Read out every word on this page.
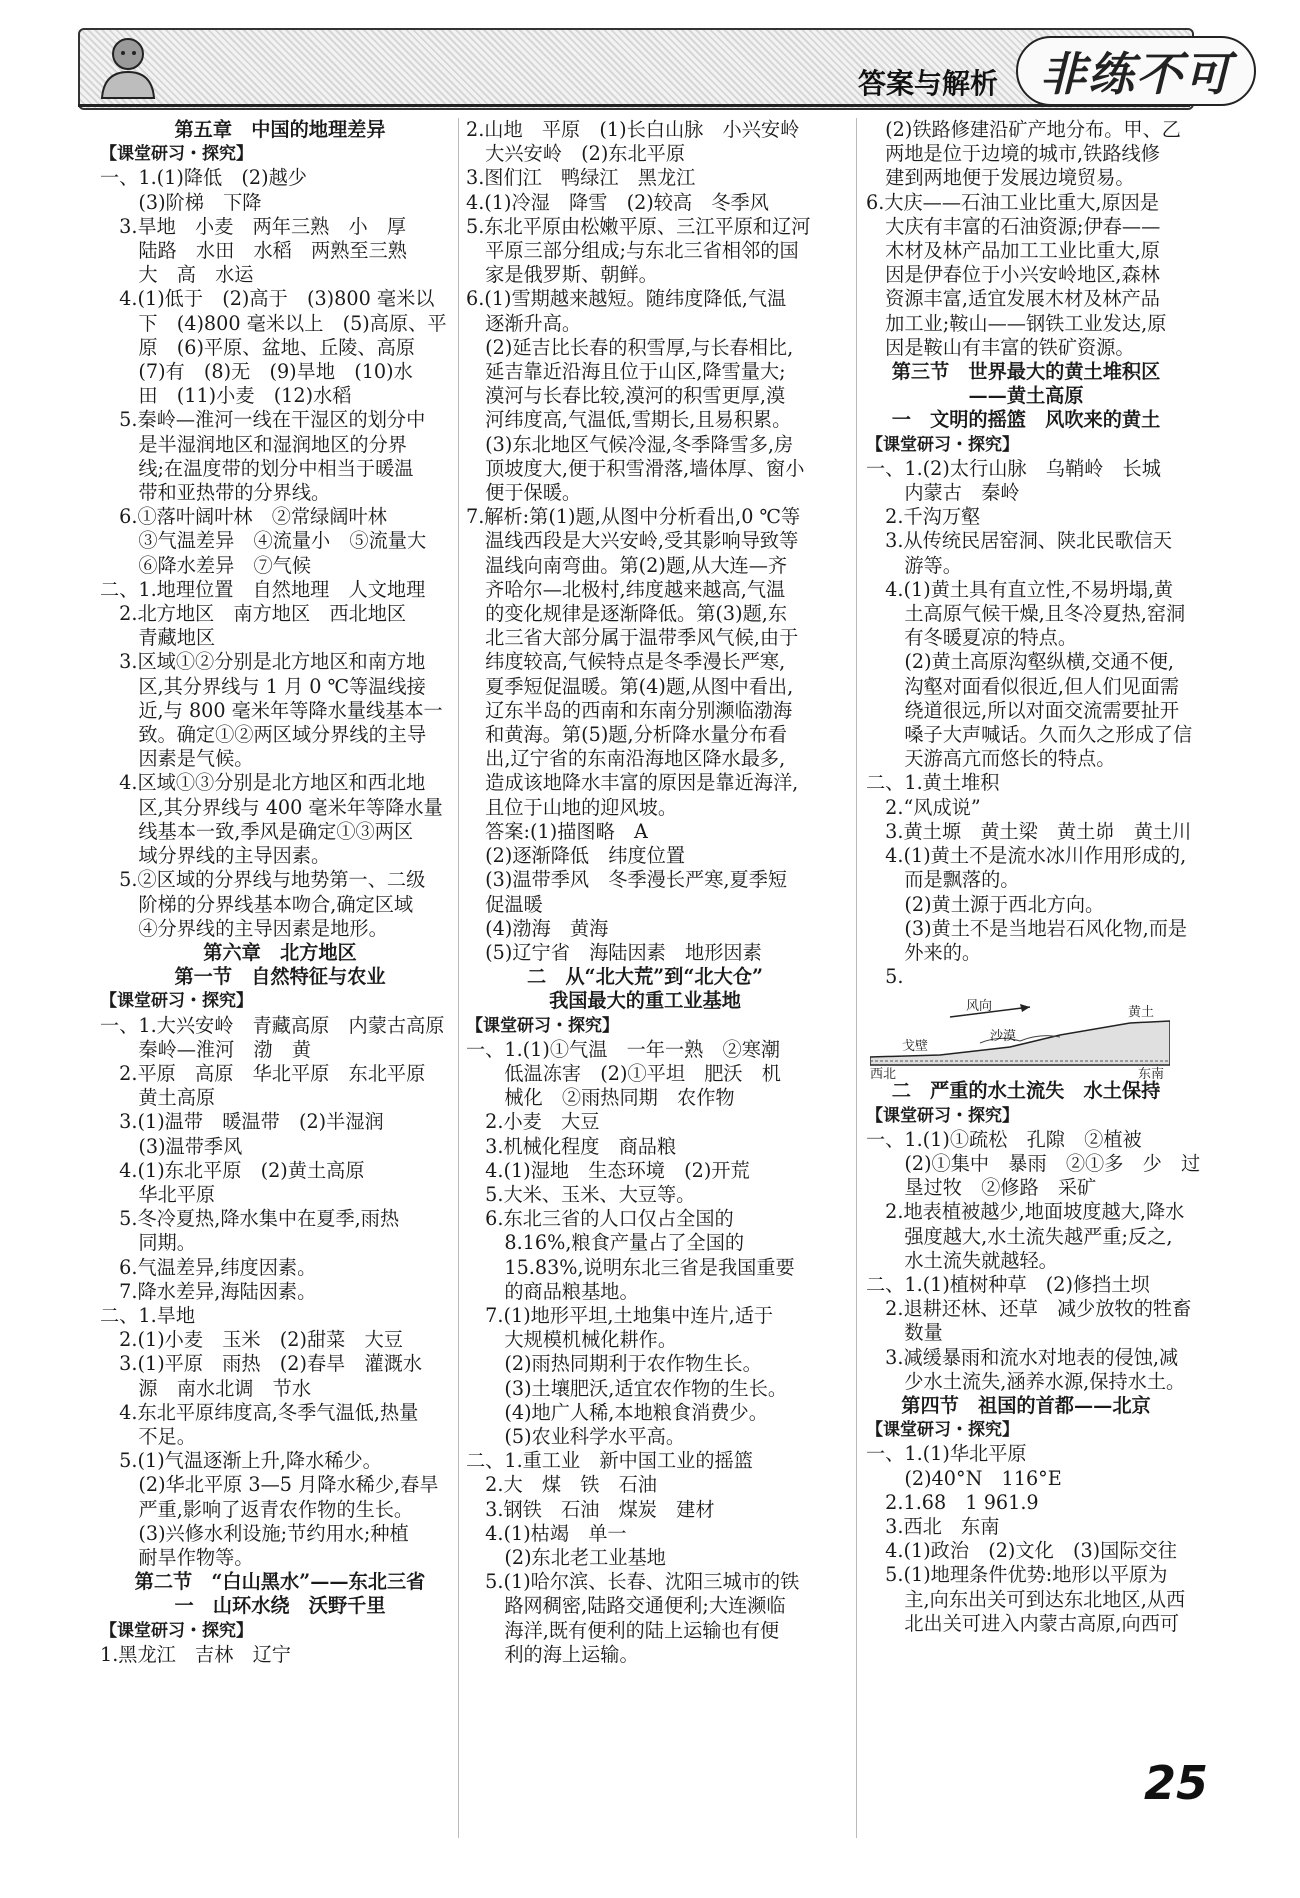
答案与解析 非练不可
第五章　中国的地理差异
【课堂研习・探究】
一、1.(1)降低　(2)越少
　　(3)阶梯　下降
　3.旱地　小麦　两年三熟　小　厚
　　陆路　水田　水稻　两熟至三熟
　　大　高　水运
　4.(1)低于　(2)高于　(3)800 毫米以
　　下　(4)800 毫米以上　(5)高原、平
　　原　(6)平原、盆地、丘陵、高原
　　(7)有　(8)无　(9)旱地　(10)水
　　田　(11)小麦　(12)水稻
　5.秦岭—淮河一线在干湿区的划分中
　　是半湿润地区和湿润地区的分界
　　线;在温度带的划分中相当于暖温
　　带和亚热带的分界线。
　6.①落叶阔叶林　②常绿阔叶林
　　③气温差异　④流量小　⑤流量大
　　⑥降水差异　⑦气候
二、1.地理位置　自然地理　人文地理
　2.北方地区　南方地区　西北地区
　　青藏地区
　3.区域①②分别是北方地区和南方地
　　区,其分界线与 1 月 0 ℃等温线接
　　近,与 800 毫米年等降水量线基本一
　　致。确定①②两区域分界线的主导
　　因素是气候。
　4.区域①③分别是北方地区和西北地
　　区,其分界线与 400 毫米年等降水量
　　线基本一致,季风是确定①③两区
　　域分界线的主导因素。
　5.②区域的分界线与地势第一、二级
　　阶梯的分界线基本吻合,确定区域
　　④分界线的主导因素是地形。
第六章　北方地区
第一节　自然特征与农业
【课堂研习・探究】
一、1.大兴安岭　青藏高原　内蒙古高原
　　秦岭—淮河　渤　黄
　2.平原　高原　华北平原　东北平原
　　黄土高原
　3.(1)温带　暖温带　(2)半湿润
　　(3)温带季风
　4.(1)东北平原　(2)黄土高原
　　华北平原
　5.冬冷夏热,降水集中在夏季,雨热
　　同期。
　6.气温差异,纬度因素。
　7.降水差异,海陆因素。
二、1.旱地
　2.(1)小麦　玉米　(2)甜菜　大豆
　3.(1)平原　雨热　(2)春旱　灌溉水
　　源　南水北调　节水
　4.东北平原纬度高,冬季气温低,热量
　　不足。
　5.(1)气温逐渐上升,降水稀少。
　　(2)华北平原 3—5 月降水稀少,春旱
　　严重,影响了返青农作物的生长。
　　(3)兴修水利设施;节约用水;种植
　　耐旱作物等。
第二节　“白山黑水”——东北三省
一　山环水绕　沃野千里
【课堂研习・探究】
1.黑龙江　吉林　辽宁
2.山地　平原　(1)长白山脉　小兴安岭
　大兴安岭　(2)东北平原
3.图们江　鸭绿江　黑龙江
4.(1)冷湿　降雪　(2)较高　冬季风
5.东北平原由松嫩平原、三江平原和辽河
　平原三部分组成;与东北三省相邻的国
　家是俄罗斯、朝鲜。
6.(1)雪期越来越短。随纬度降低,气温
　逐渐升高。
　(2)延吉比长春的积雪厚,与长春相比,
　延吉靠近沿海且位于山区,降雪量大;
　漠河与长春比较,漠河的积雪更厚,漠
　河纬度高,气温低,雪期长,且易积累。
　(3)东北地区气候冷湿,冬季降雪多,房
　顶坡度大,便于积雪滑落,墙体厚、窗小
　便于保暖。
7.解析:第(1)题,从图中分析看出,0 ℃等
　温线西段是大兴安岭,受其影响导致等
　温线向南弯曲。第(2)题,从大连—齐
　齐哈尔—北极村,纬度越来越高,气温
　的变化规律是逐渐降低。第(3)题,东
　北三省大部分属于温带季风气候,由于
　纬度较高,气候特点是冬季漫长严寒,
　夏季短促温暖。第(4)题,从图中看出,
　辽东半岛的西南和东南分别濒临渤海
　和黄海。第(5)题,分析降水量分布看
　出,辽宁省的东南沿海地区降水最多,
　造成该地降水丰富的原因是靠近海洋,
　且位于山地的迎风坡。
　答案:(1)描图略　A
　(2)逐渐降低　纬度位置
　(3)温带季风　冬季漫长严寒,夏季短
　促温暖
　(4)渤海　黄海
　(5)辽宁省　海陆因素　地形因素
二　从“北大荒”到“北大仓”
我国最大的重工业基地
【课堂研习・探究】
一、1.(1)①气温　一年一熟　②寒潮
　　低温冻害　(2)①平坦　肥沃　机
　　械化　②雨热同期　农作物
　2.小麦　大豆
　3.机械化程度　商品粮
　4.(1)湿地　生态环境　(2)开荒
　5.大米、玉米、大豆等。
　6.东北三省的人口仅占全国的
　　8.16%,粮食产量占了全国的
　　15.83%,说明东北三省是我国重要
　　的商品粮基地。
　7.(1)地形平坦,土地集中连片,适于
　　大规模机械化耕作。
　　(2)雨热同期利于农作物生长。
　　(3)土壤肥沃,适宜农作物的生长。
　　(4)地广人稀,本地粮食消费少。
　　(5)农业科学水平高。
二、1.重工业　新中国工业的摇篮
　2.大　煤　铁　石油
　3.钢铁　石油　煤炭　建材
　4.(1)枯竭　单一
　　(2)东北老工业基地
　5.(1)哈尔滨、长春、沈阳三城市的铁
　　路网稠密,陆路交通便利;大连濒临
　　海洋,既有便利的陆上运输也有便
　　利的海上运输。
　(2)铁路修建沿矿产地分布。甲、乙
　两地是位于边境的城市,铁路线修
　建到两地便于发展边境贸易。
6.大庆——石油工业比重大,原因是
　大庆有丰富的石油资源;伊春——
　木材及林产品加工工业比重大,原
　因是伊春位于小兴安岭地区,森林
　资源丰富,适宜发展木材及林产品
　加工业;鞍山——钢铁工业发达,原
　因是鞍山有丰富的铁矿资源。
第三节　世界最大的黄土堆积区
——黄土高原
一　文明的摇篮　风吹来的黄土
【课堂研习・探究】
一、1.(2)太行山脉　乌鞘岭　长城
　　内蒙古　秦岭
　2.千沟万壑
　3.从传统民居窑洞、陕北民歌信天
　　游等。
　4.(1)黄土具有直立性,不易坍塌,黄
　　土高原气候干燥,且冬冷夏热,窑洞
　　有冬暖夏凉的特点。
　　(2)黄土高原沟壑纵横,交通不便,
　　沟壑对面看似很近,但人们见面需
　　绕道很远,所以对面交流需要扯开
　　嗓子大声喊话。久而久之形成了信
　　天游高亢而悠长的特点。
二、1.黄土堆积
　2.“风成说”
　3.黄土塬　黄土梁　黄土峁　黄土川
　4.(1)黄土不是流水冰川作用形成的,
　　而是飘落的。
　　(2)黄土源于西北方向。
　　(3)黄土不是当地岩石风化物,而是
　　外来的。
　5.
风向
戈壁
沙漠
黄土
西北	东南
二　严重的水土流失　水土保持
【课堂研习・探究】
一、1.(1)①疏松　孔隙　②植被
　　(2)①集中　暴雨　②①多　少　过
　　垦过牧　②修路　采矿
　2.地表植被越少,地面坡度越大,降水
　　强度越大,水土流失越严重;反之,
　　水土流失就越轻。
二、1.(1)植树种草　(2)修挡土坝
　2.退耕还林、还草　减少放牧的牲畜
　　数量
　3.减缓暴雨和流水对地表的侵蚀,减
　　少水土流失,涵养水源,保持水土。
第四节　祖国的首都——北京
【课堂研习・探究】
一、1.(1)华北平原
　　(2)40°N　116°E
　2.1.68　1 961.9
　3.西北　东南
　4.(1)政治　(2)文化　(3)国际交往
　5.(1)地理条件优势:地形以平原为
　　主,向东出关可到达东北地区,从西
　　北出关可进入内蒙古高原,向西可
25
